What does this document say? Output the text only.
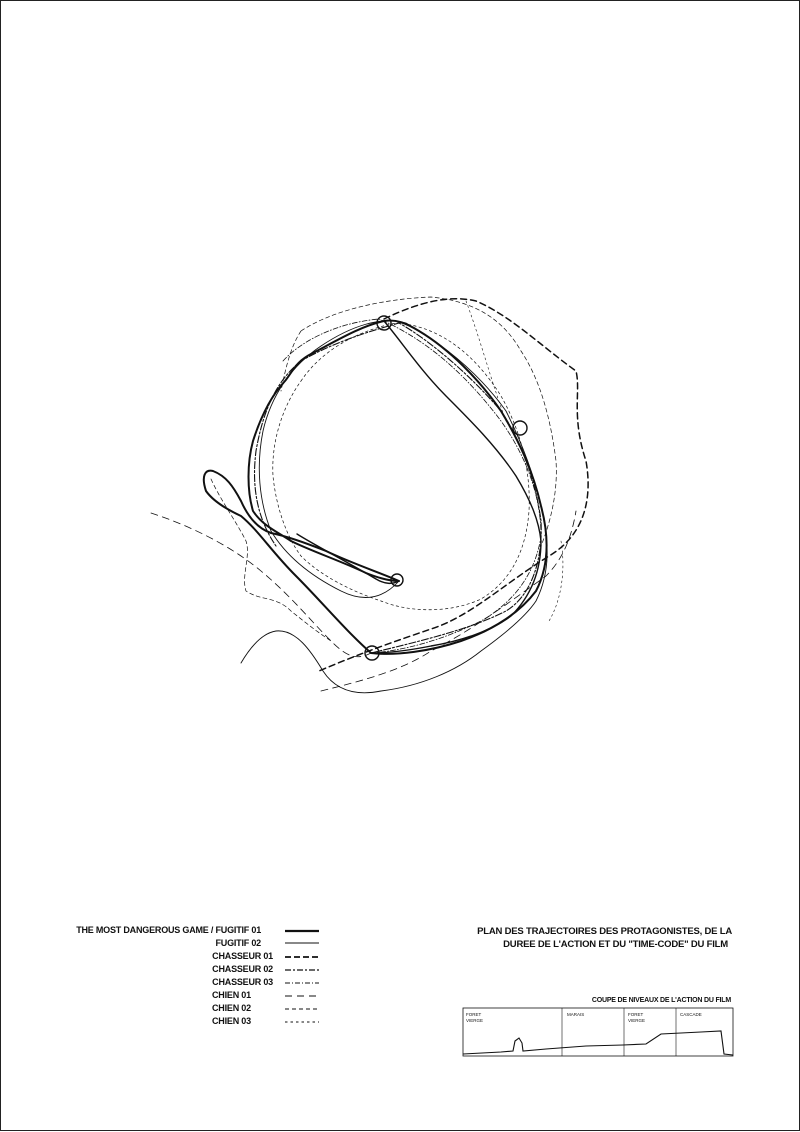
THE MOST DANGEROUS GAME / FUGITIF 01
FUGITIF 02
CHASSEUR 01
CHASSEUR 02
CHASSEUR 03
CHIEN 01
CHIEN 02
CHIEN 03
PLAN DES TRAJECTOIRES DES PROTAGONISTES, DE LA
DUREE DE L'ACTION ET DU "TIME-CODE" DU FILM
COUPE DE NIVEAUX DE L'ACTION DU FILM
FORET
VIERGE
MARAIS	FORET
VIERGE
CASCADE
